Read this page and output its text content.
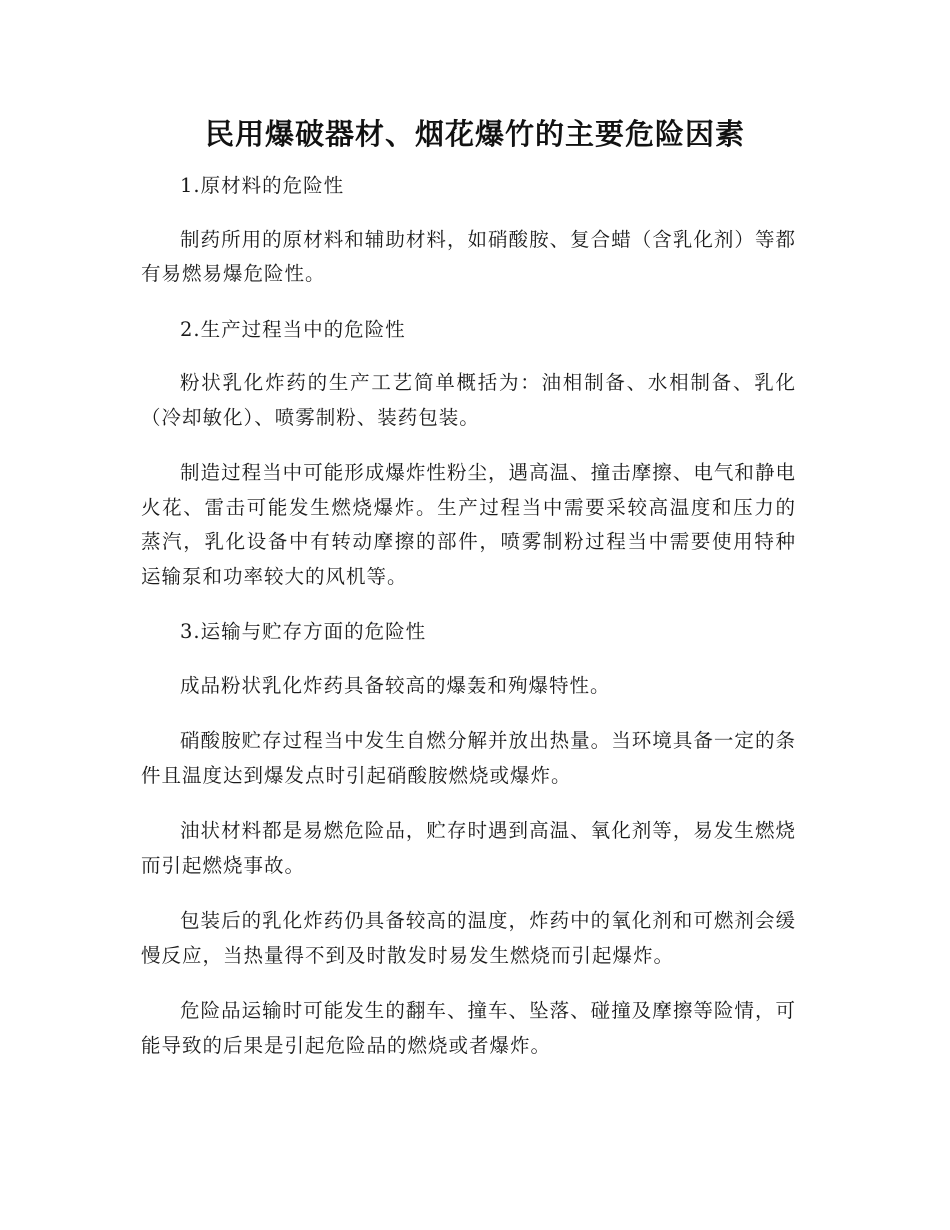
民用爆破器材、烟花爆竹的主要危险因素

1.原材料的危险性

制药所用的原材料和辅助材料，如硝酸胺、复合蜡（含乳化剂）等都有易燃易爆危险性。

2.生产过程当中的危险性

粉状乳化炸药的生产工艺简单概括为：油相制备、水相制备、乳化（冷却敏化）、喷雾制粉、装药包装。

制造过程当中可能形成爆炸性粉尘，遇高温、撞击摩擦、电气和静电火花、雷击可能发生燃烧爆炸。生产过程当中需要采较高温度和压力的蒸汽，乳化设备中有转动摩擦的部件，喷雾制粉过程当中需要使用特种运输泵和功率较大的风机等。

3.运输与贮存方面的危险性

成品粉状乳化炸药具备较高的爆轰和殉爆特性。

硝酸胺贮存过程当中发生自燃分解并放出热量。当环境具备一定的条件且温度达到爆发点时引起硝酸胺燃烧或爆炸。

油状材料都是易燃危险品，贮存时遇到高温、氧化剂等，易发生燃烧而引起燃烧事故。

包装后的乳化炸药仍具备较高的温度，炸药中的氧化剂和可燃剂会缓慢反应，当热量得不到及时散发时易发生燃烧而引起爆炸。

危险品运输时可能发生的翻车、撞车、坠落、碰撞及摩擦等险情，可能导致的后果是引起危险品的燃烧或者爆炸。
